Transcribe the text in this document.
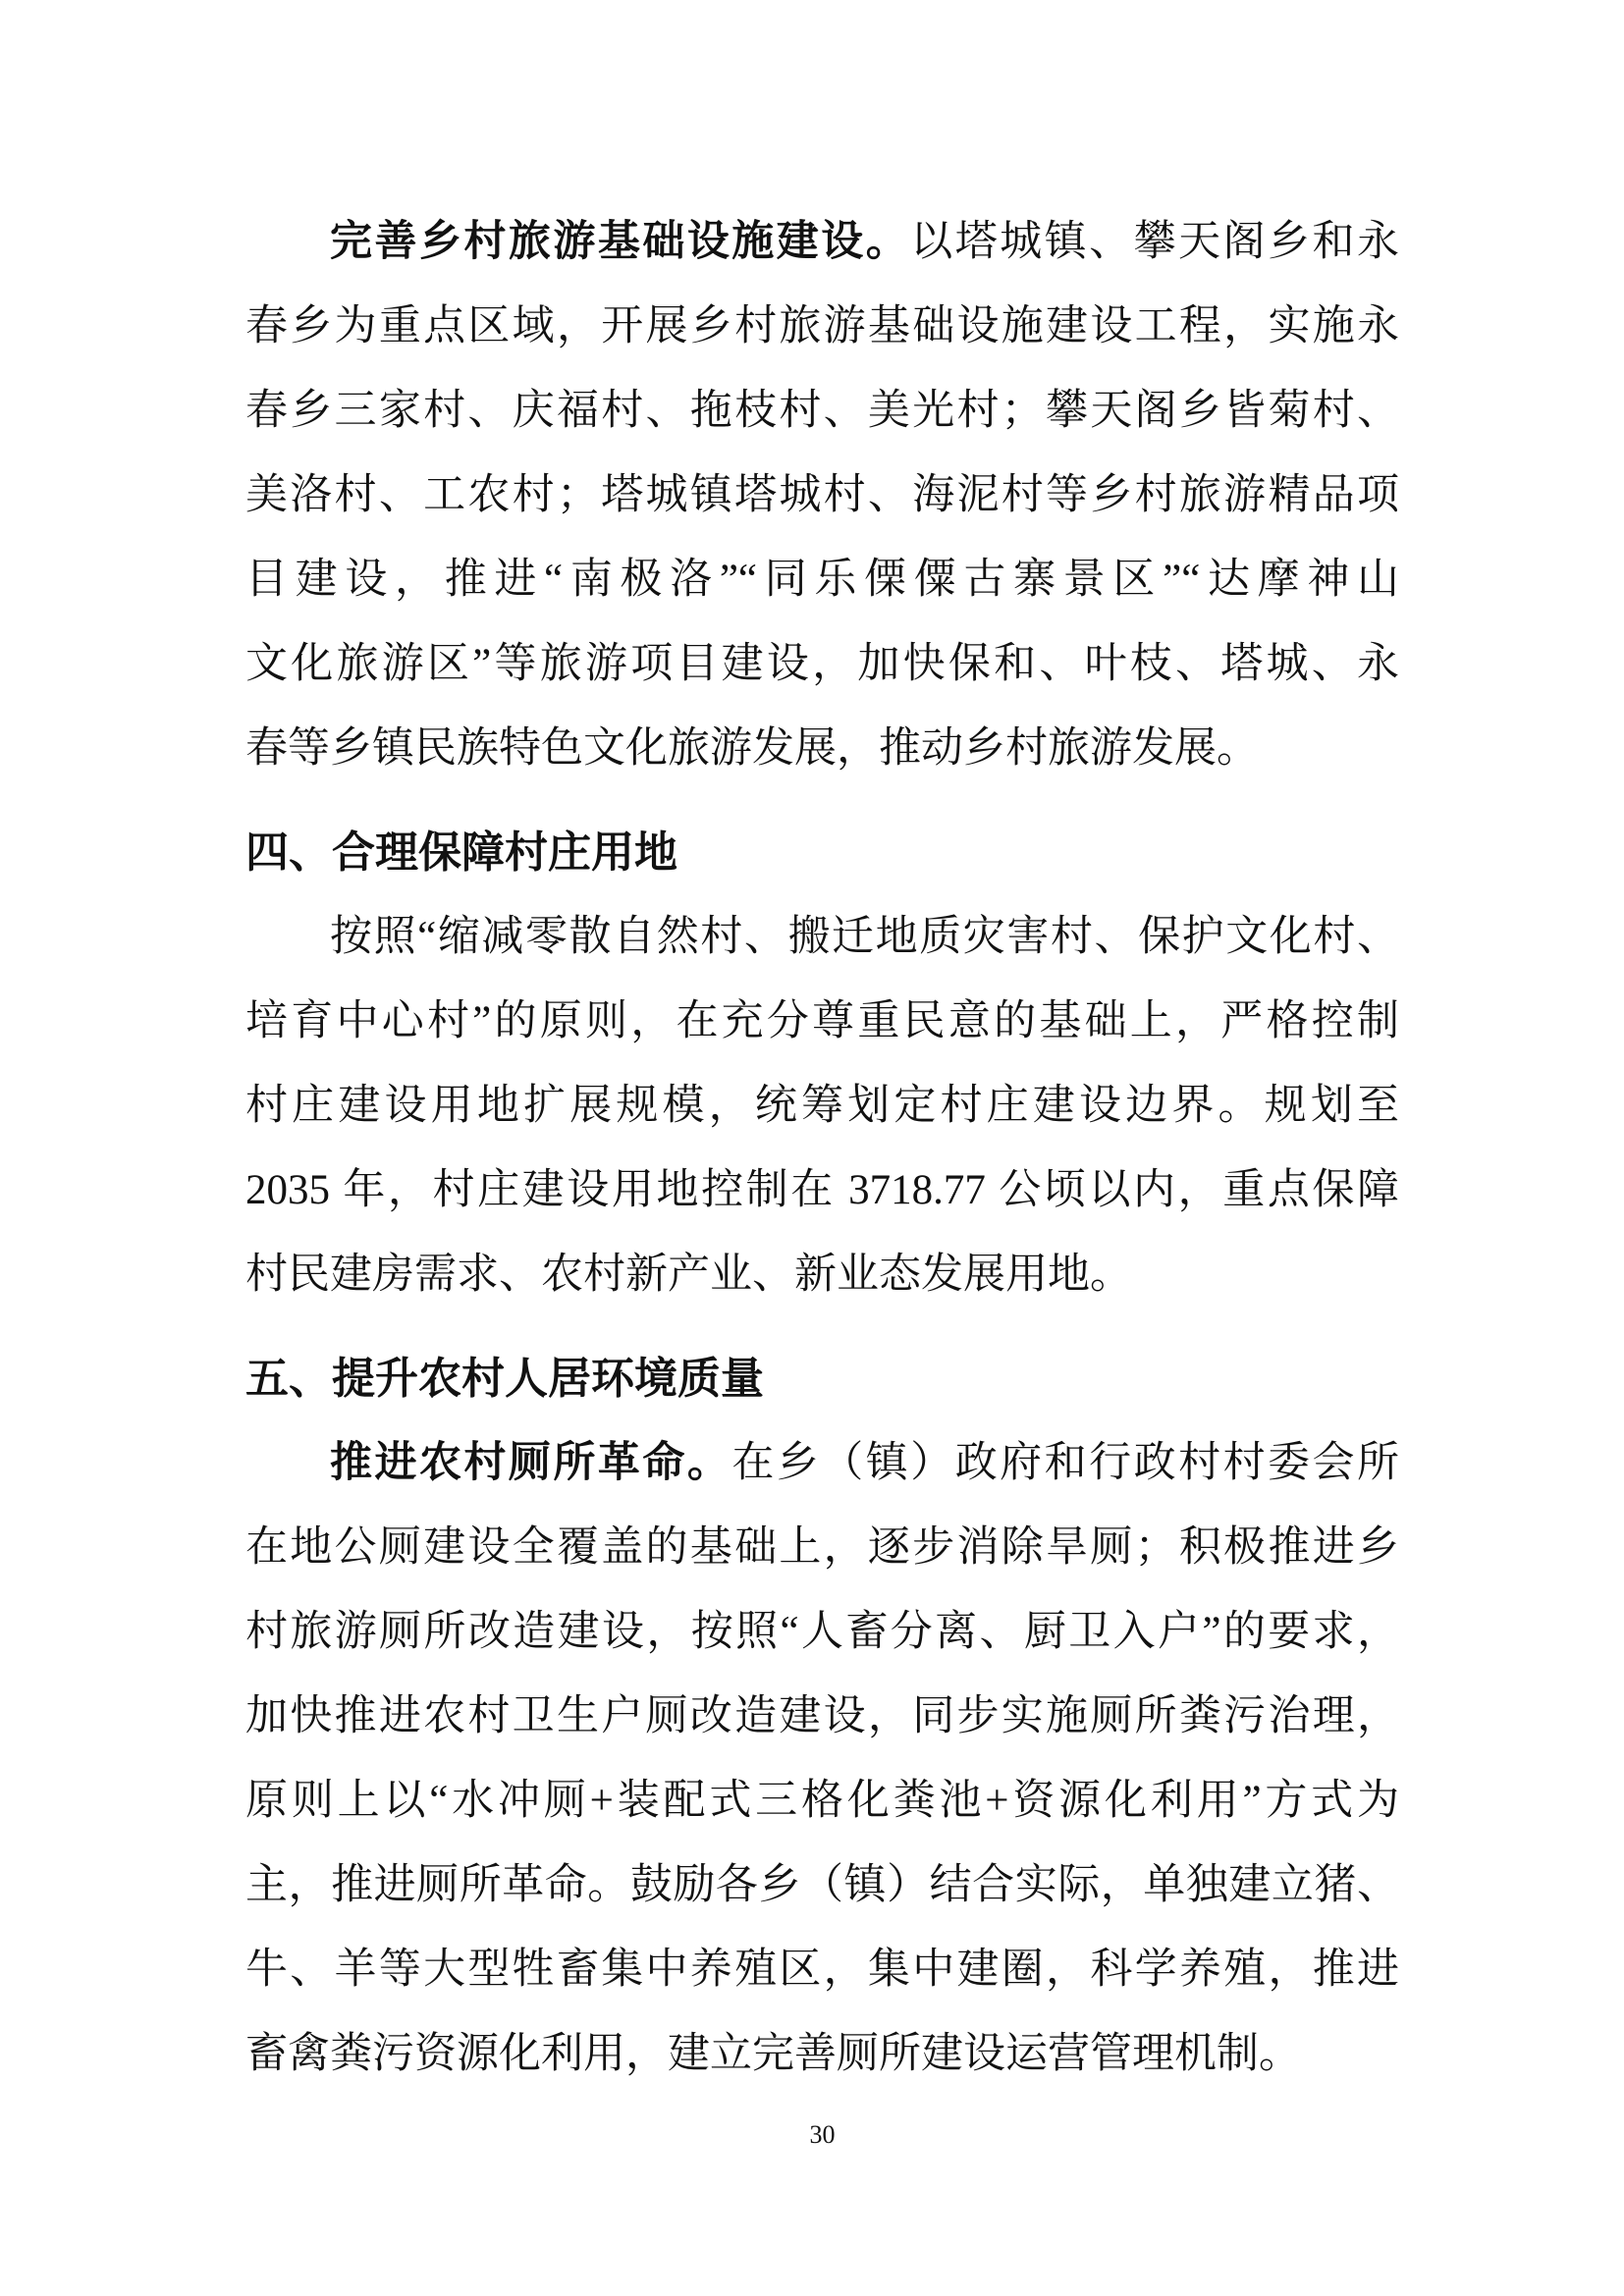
完善乡村旅游基础设施建设。以塔城镇、攀天阁乡和永
春乡为重点区域，开展乡村旅游基础设施建设工程，实施永
春乡三家村、庆福村、拖枝村、美光村；攀天阁乡皆菊村、
美洛村、工农村；塔城镇塔城村、海泥村等乡村旅游精品项
目建设，推进“南极洛”“同乐傈僳古寨景区”“达摩神山
文化旅游区”等旅游项目建设，加快保和、叶枝、塔城、永
春等乡镇民族特色文化旅游发展，推动乡村旅游发展。
四、合理保障村庄用地
按照“缩减零散自然村、搬迁地质灾害村、保护文化村、
培育中心村”的原则，在充分尊重民意的基础上，严格控制
村庄建设用地扩展规模，统筹划定村庄建设边界。规划至
2035 年，村庄建设用地控制在 3718.77 公顷以内，重点保障
村民建房需求、农村新产业、新业态发展用地。
五、提升农村人居环境质量
推进农村厕所革命。在乡（镇）政府和行政村村委会所
在地公厕建设全覆盖的基础上，逐步消除旱厕；积极推进乡
村旅游厕所改造建设，按照“人畜分离、厨卫入户”的要求，
加快推进农村卫生户厕改造建设，同步实施厕所粪污治理，
原则上以“水冲厕+装配式三格化粪池+资源化利用”方式为
主，推进厕所革命。鼓励各乡（镇）结合实际，单独建立猪、
牛、羊等大型牲畜集中养殖区，集中建圈，科学养殖，推进
畜禽粪污资源化利用，建立完善厕所建设运营管理机制。
30
